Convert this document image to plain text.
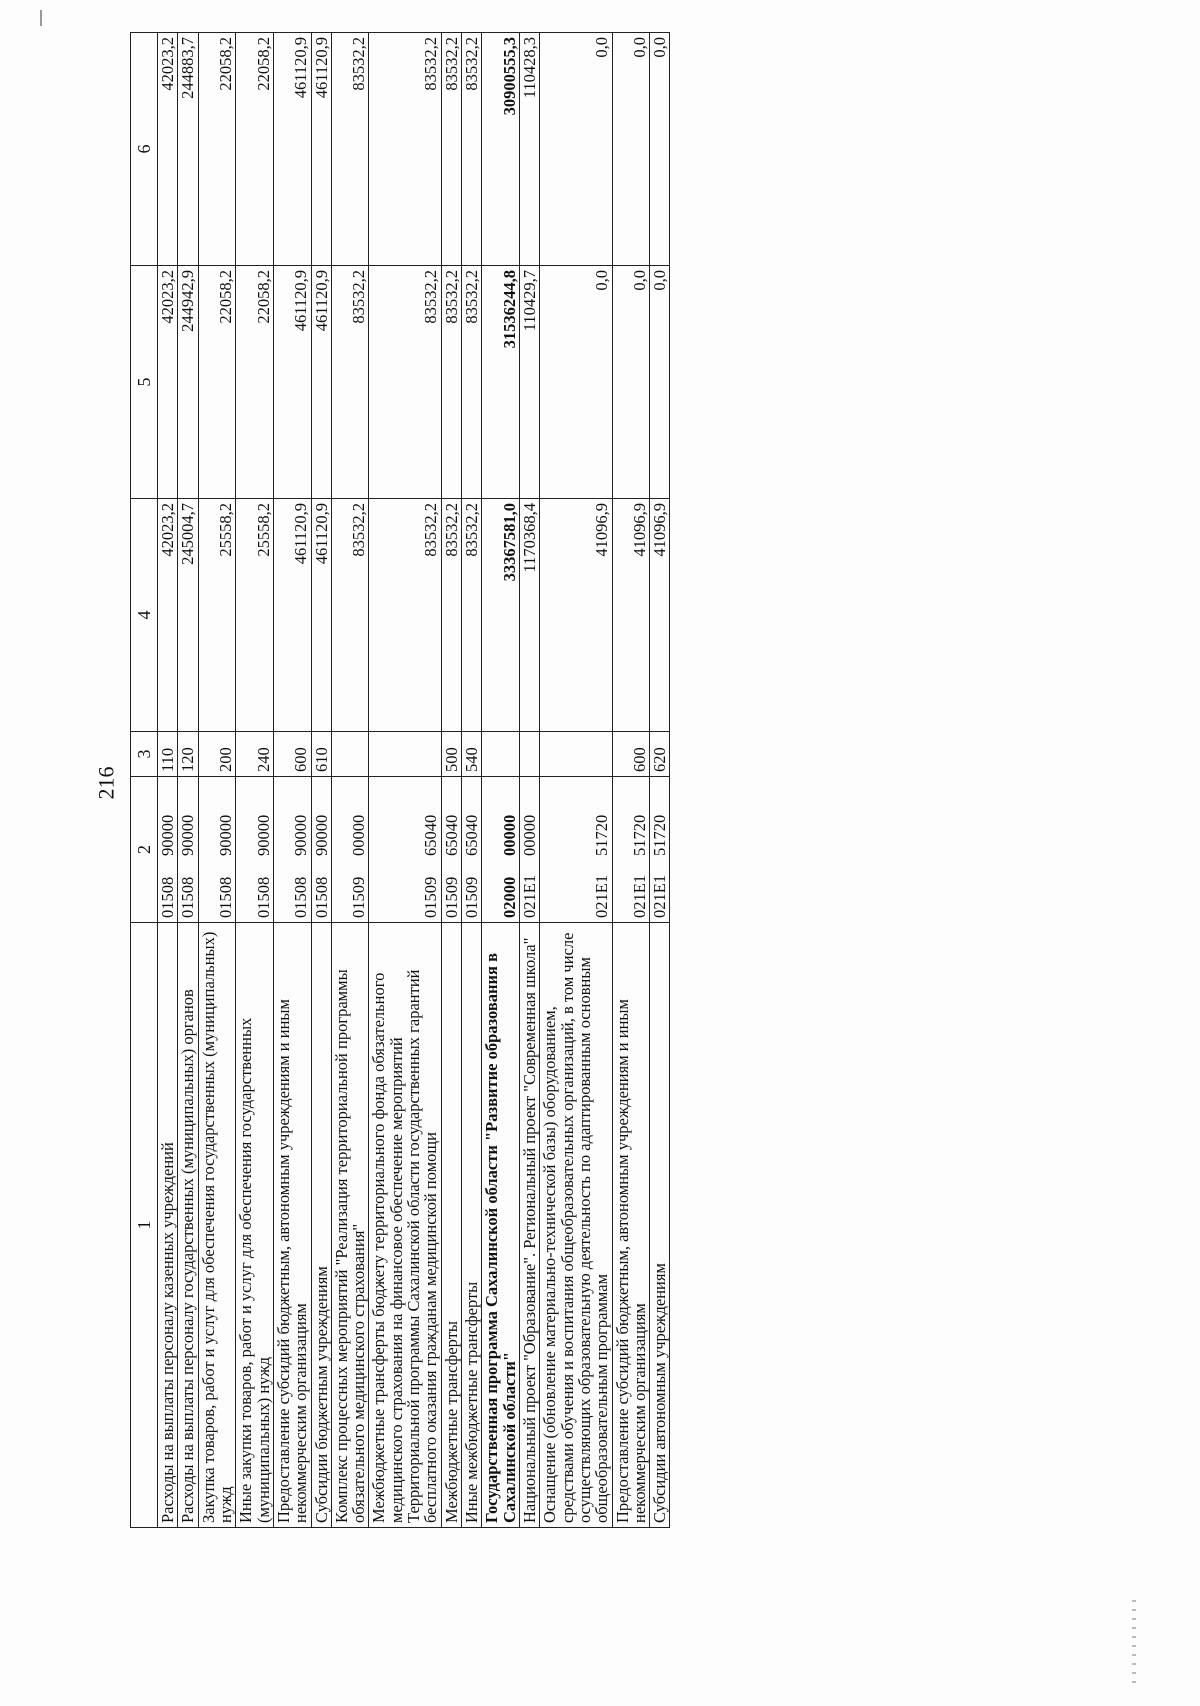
216
1	2	3	4	5	6
Расходы на выплаты персоналу казенных учреждений	0150890000	110	42023,2	42023,2	42023,2
Расходы на выплаты персоналу государственных (муниципальных) органов	0150890000	120	245004,7	244942,9	244883,7
Закупка товаров, работ и услуг для обеспечения государственных (муниципальных) нужд	0150890000	200	25558,2	22058,2	22058,2
Иные закупки товаров, работ и услуг для обеспечения государственных (муниципальных) нужд	0150890000	240	25558,2	22058,2	22058,2
Предоставление субсидий бюджетным, автономным учреждениям и иным некоммерческим организациям	0150890000	600	461120,9	461120,9	461120,9
Субсидии бюджетным учреждениям	0150890000	610	461120,9	461120,9	461120,9
Комплекс процессных мероприятий "Реализация территориальной программы обязательного медицинского страхования"	0150900000		83532,2	83532,2	83532,2
Межбюджетные трансферты бюджету территориального фонда обязательного медицинского страхования на финансовое обеспечение мероприятий Территориальной программы Сахалинской области государственных гарантий бесплатного оказания гражданам медицинской помощи	0150965040		83532,2	83532,2	83532,2
Межбюджетные трансферты	0150965040	500	83532,2	83532,2	83532,2
Иные межбюджетные трансферты	0150965040	540	83532,2	83532,2	83532,2
Государственная программа Сахалинской области "Развитие образования в Сахалинской области"	0200000000		33367581,0	31536244,8	30900555,3
Национальный проект "Образование". Региональный проект "Современная школа"	021E100000		1170368,4	110429,7	110428,3
Оснащение (обновление материально-технической базы) оборудованием, средствами обучения и воспитания общеобразовательных организаций, в том числе осуществляющих образовательную деятельность по адаптированным основным общеобразовательным программам	021E151720		41096,9	0,0	0,0
Предоставление субсидий бюджетным, автономным учреждениям и иным некоммерческим организациям	021E151720	600	41096,9	0,0	0,0
Субсидии автономным учреждениям	021E151720	620	41096,9	0,0	0,0
